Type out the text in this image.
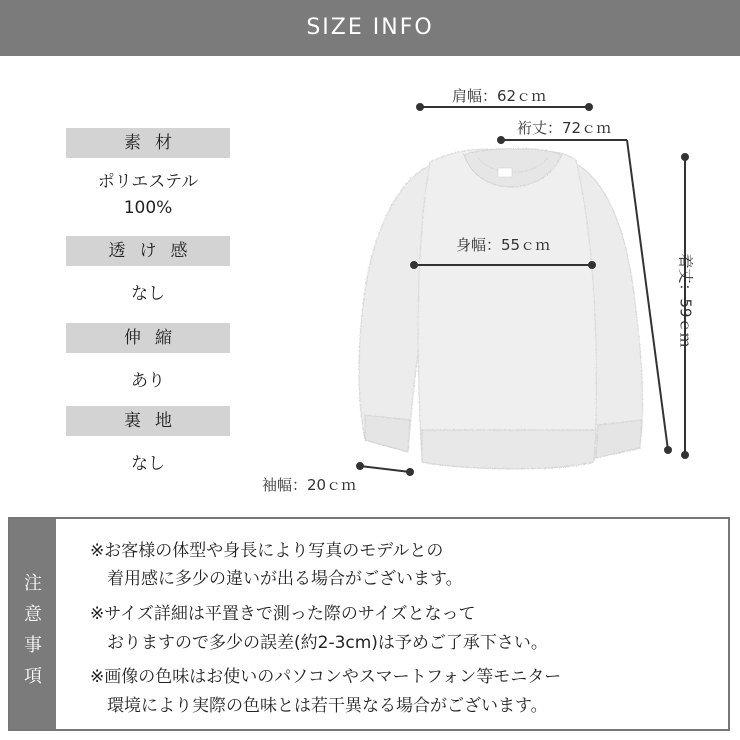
SIZE INFO
素材
ポリエステル
100%
透け感
なし
伸縮
あり
裏地
なし
肩幅：62ｃｍ
裄丈：72ｃｍ
身幅：55ｃｍ
着丈：59ｃｍ
袖幅：20ｃｍ
注
意
事
項
※お客様の体型や身長により写真のモデルとの
　着用感に多少の違いが出る場合がございます。
※サイズ詳細は平置きで測った際のサイズとなって
　おりますので多少の誤差(約2-3cm)は予めご了承下さい。
※画像の色味はお使いのパソコンやスマートフォン等モニター
　環境により実際の色味とは若干異なる場合がございます。
